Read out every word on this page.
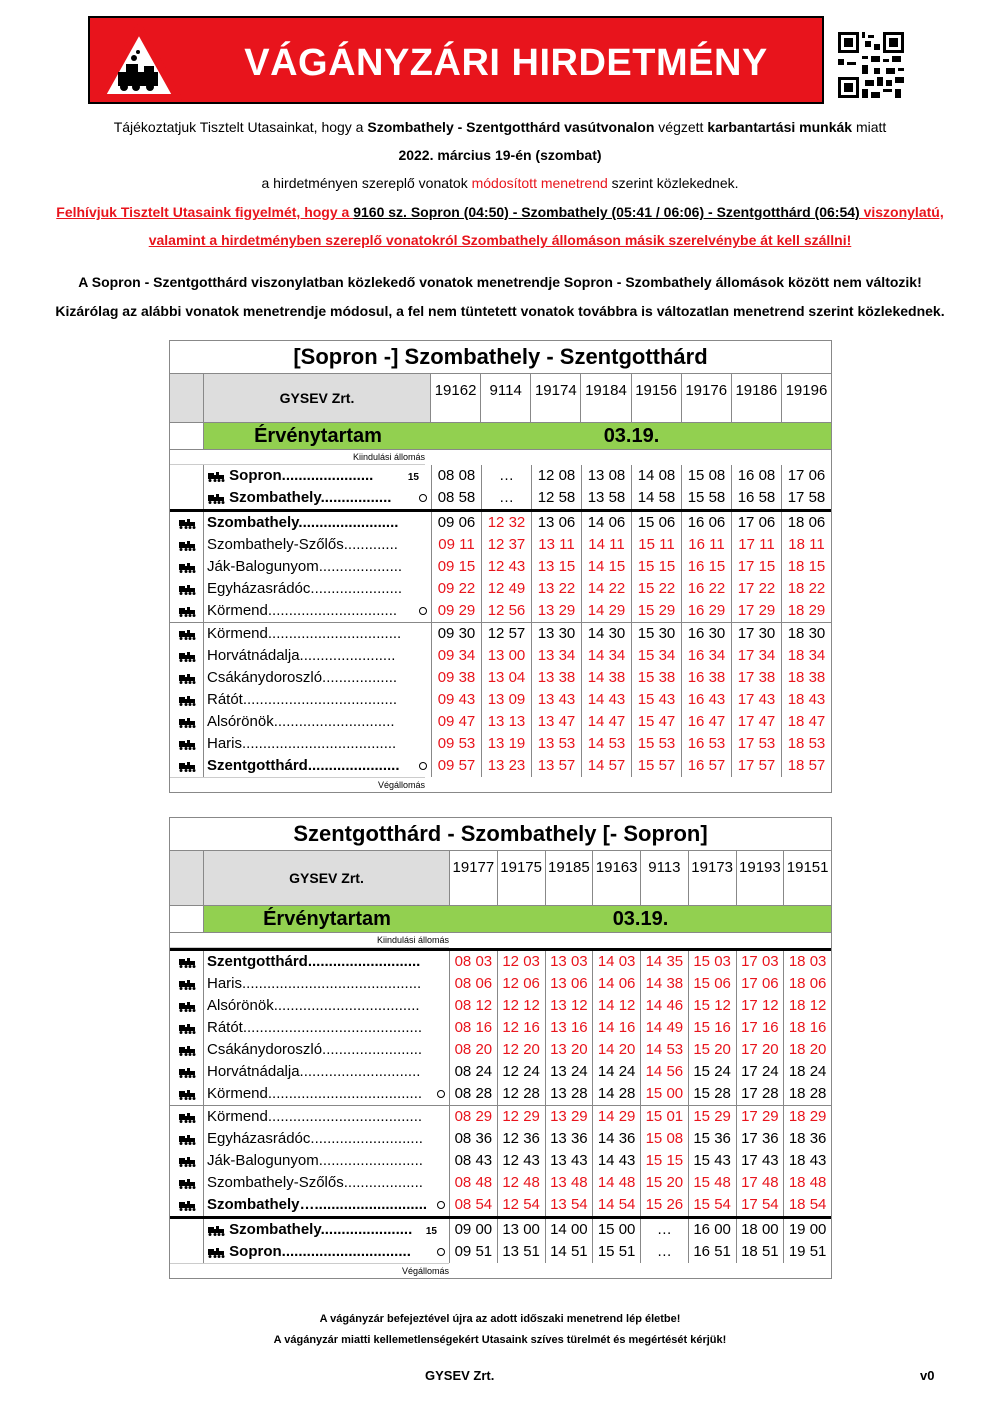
VÁGÁNYZÁRI HIRDETMÉNY
Tájékoztatjuk Tisztelt Utasainkat, hogy a Szombathely - Szentgotthárd vasútvonalon végzett karbantartási munkák miatt
2022. március 19-én (szombat)
a hirdetményen szereplő vonatok módosított menetrend szerint közlekednek.
Felhívjuk Tisztelt Utasaink figyelmét, hogy a 9160 sz. Sopron (04:50) - Szombathely (05:41 / 06:06) - Szentgotthárd (06:54) viszonylatú,
valamint a hirdetményben szereplő vonatokról Szombathely állomáson másik szerelvénybe át kell szállni!
A Sopron - Szentgotthárd viszonylatban közlekedő vonatok menetrendje Sopron - Szombathely állomások között nem változik!
Kizárólag az alábbi vonatok menetrendje módosul, a fel nem tüntetett vonatok továbbra is változatlan menetrend szerint közlekednek.
[Sopron -] Szombathely - Szentgotthárd
GYSEV Zrt.	19162 9114 19174 19184 19156 19176 19186 19196
Érvénytartam	03.19.
Kiindulási állomás
Sopron......................	15	08 08	…	12 08 13 08 14 08 15 08 16 08 17 06
Szombathely.................	08 58	…	12 58 13 58 14 58 15 58 16 58 17 58
Szombathely........................	09 06 12 32 13 06 14 06 15 06 16 06 17 06 18 06
Szombathely-Szőlős.............	09 11 12 37 13 11 14 11 15 11 16 11 17 11 18 11
Ják-Balogunyom....................	09 15 12 43 13 15 14 15 15 15 16 15 17 15 18 15
Egyházasrádóc......................	09 22 12 49 13 22 14 22 15 22 16 22 17 22 18 22
Körmend...............................	09 29 12 56 13 29 14 29 15 29 16 29 17 29 18 29
Körmend................................	09 30 12 57 13 30 14 30 15 30 16 30 17 30 18 30
Horvátnádalja.......................	09 34 13 00 13 34 14 34 15 34 16 34 17 34 18 34
Csákánydoroszló..................	09 38 13 04 13 38 14 38 15 38 16 38 17 38 18 38
Rátót.....................................	09 43 13 09 13 43 14 43 15 43 16 43 17 43 18 43
Alsórönök.............................	09 47 13 13 13 47 14 47 15 47 16 47 17 47 18 47
Haris.....................................	09 53 13 19 13 53 14 53 15 53 16 53 17 53 18 53
Szentgotthárd......................	09 57 13 23 13 57 14 57 15 57 16 57 17 57 18 57
Végállomás
Szentgotthárd - Szombathely [- Sopron]
GYSEV Zrt.
19177 19175 19185 19163 9113 19173 19193 19151
Érvénytartam	03.19.
Kiindulási állomás
Szentgotthárd...........................	08 03 12 03 13 03 14 03 14 35 15 03 17 03 18 03
Haris...........................................	08 06 12 06 13 06 14 06 14 38 15 06 17 06 18 06
Alsórönök...................................	08 12 12 12 13 12 14 12 14 46 15 12 17 12 18 12
Rátót...........................................	08 16 12 16 13 16 14 16 14 49 15 16 17 16 18 16
Csákánydoroszló........................	08 20 12 20 13 20 14 20 14 53 15 20 17 20 18 20
Horvátnádalja.............................	08 24 12 24 13 24 14 24 14 56 15 24 17 24 18 24
Körmend.....................................	08 28 12 28 13 28 14 28 15 00 15 28 17 28 18 28
Körmend.....................................	08 29 12 29 13 29 14 29 15 01 15 29 17 29 18 29
Egyházasrádóc...........................	08 36 12 36 13 36 14 36 15 08 15 36 17 36 18 36
Ják-Balogunyom.........................	08 43 12 43 13 43 14 43 15 15 15 43 17 43 18 43
Szombathely-Szőlős...................	08 48 12 48 13 48 14 48 15 20 15 48 17 48 18 48
Szombathely…...........................	08 54 12 54 13 54 14 54 15 26 15 54 17 54 18 54
Szombathely...................... 15	09 00 13 00 14 00 15 00	…	16 00 18 00 19 00
Sopron...............................	09 51 13 51 14 51 15 51	…	16 51 18 51 19 51
Végállomás
A vágányzár befejeztével újra az adott időszaki menetrend lép életbe!
A vágányzár miatti kellemetlenségekért Utasaink szíves türelmét és megértését kérjük!
GYSEV Zrt.	v0
